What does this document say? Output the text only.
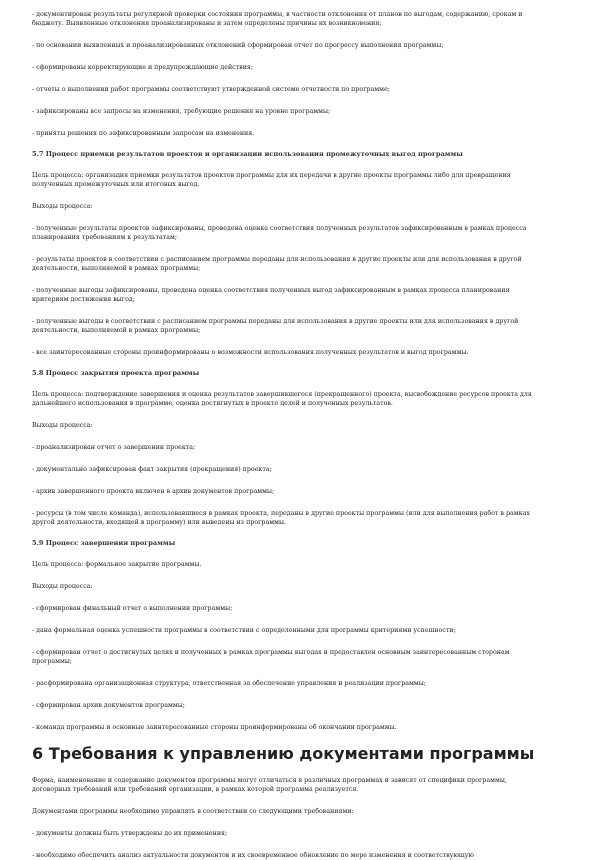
- документирован результаты регулярной проверки состояния программы, в частности отклонения от планов по выгодам, содержанию, срокам и бюджету. Выявленные отклонения проанализированы и затем определены причины их возникновения;

- по основании выявленных и проанализированных отклонений сформирован отчет по прогрессу выполнения программы;

- сформированы корректирующие и предупреждающие действия;

- отчеты о выполнении работ программы соответствуют утвержденной системе отчетности по программе;

- зафиксированы все запросы на изменения, требующие решения на уровне программы;

- приняты решения по зафиксированным запросам на изменения.

5.7 Процесс приемки результатов проектов и организации использования промежуточных выгод программы

Цель процесса: организация приемки результатов проектов программы для их передачи в другие проекты программы либо для превращения полученных промежуточных или итоговых выгод.

Выходы процесса:

- полученные результаты проектов зафиксированы, проведена оценка соответствия полученных результатов зафиксированным в рамках процесса планирования требованиям к результатам;

- результаты проектов в соответствии с расписанием программы переданы для использования в другие проекты или для использования в другой деятельности, выполняемой в рамках программы;

- полученные выгоды зафиксированы, проведена оценка соответствия полученных выгод зафиксированным в рамках процесса планирования критериям достижения выгод;

- полученные выгоды в соответствии с расписанием программы переданы для использования в другие проекты или для использования в другой деятельности, выполняемой в рамках программы;

- все заинтересованные стороны проинформированы о возможности использования полученных результатов и выгод программы.

5.8 Процесс закрытия проекта программы

Цель процесса: подтверждение завершения и оценка результатов завершившегося (прекращенного) проекта, высвобождение ресурсов проекта для дальнейшего использования в программе, оценка достигнутых в проекте целей и полученных результатов.

Выходы процесса:

- проанализирован отчет о завершении проекта;

- документально зафиксирован факт закрытия (прекращения) проекта;

- архив завершенного проекта включен в архив документов программы;

- ресурсы (в том числе команда), использовавшиеся в рамках проекта, переданы в другие проекты программы (или для выполнения работ в рамках другой деятельности, входящей в программу) или выведены из программы.

5.9 Процесс завершения программы

Цель процесса: формальное закрытие программы.

Выходы процесса:

- сформирован финальный отчет о выполнении программы;

- дана формальная оценка успешности программы в соответствии с определенными для программы критериями успешности;

- сформирован отчет о достигнутых целях и полученных в рамках программы выгодах и предоставлен основным заинтересованным сторонам программы;

- расформирована организационная структура, ответственная за обеспечение управления и реализации программы;

- сформирован архив документов программы;

- команда программы и основные заинтересованные стороны проинформированы об окончании программы.

6 Требования к управлению документами программы

Форма, наименование и содержание документов программы могут отличаться в различных программах и зависят от специфики программы, договорных требований или требований организации, в рамках которой программа реализуется.

Документами программы необходимо управлять в соответствии со следующими требованиями:

- документы должны быть утверждены до их применения;

- необходимо обеспечить анализ актуальности документов и их своевременное обновление по мере изменения и соответствующую
